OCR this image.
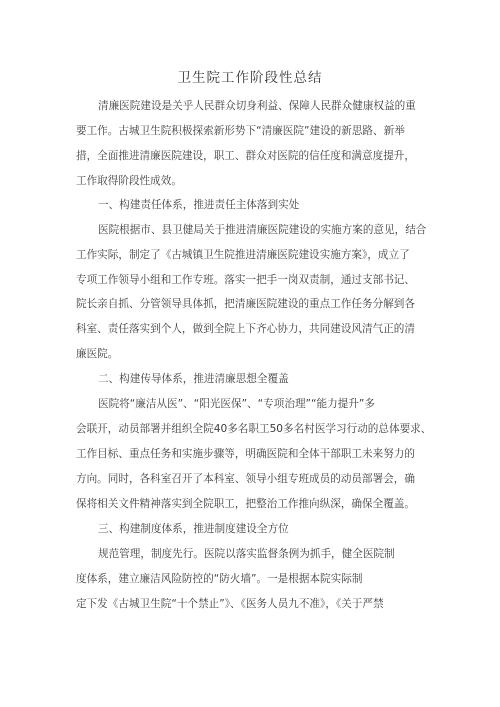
卫生院工作阶段性总结
清廉医院建设是关乎人民群众切身利益、保障人民群众健康权益的重
要工作。古城卫生院积极探索新形势下“清廉医院”建设的新思路、新举
措，全面推进清廉医院建设，职工、群众对医院的信任度和满意度提升，
工作取得阶段性成效。
一、构建责任体系，推进责任主体落到实处
医院根据市、县卫健局关于推进清廉医院建设的实施方案的意见，结合
工作实际，制定了《古城镇卫生院推进清廉医院建设实施方案》，成立了
专项工作领导小组和工作专班。落实一把手一岗双责制，通过支部书记、
院长亲自抓、分管领导具体抓，把清廉医院建设的重点工作任务分解到各
科室、责任落实到个人，做到全院上下齐心协力，共同建设风清气正的清
廉医院。
二、构建传导体系，推进清廉思想全覆盖
医院将“廉洁从医”、“阳光医保”、“专项治理”“能力提升”多
会联开，动员部署并组织全院40多名职工50多名村医学习行动的总体要求、
工作目标、重点任务和实施步骤等，明确医院和全体干部职工未来努力的
方向。同时，各科室召开了本科室、领导小组专班成员的动员部署会，确
保将相关文件精神落实到全院职工，把整治工作推向纵深，确保全覆盖。
三、构建制度体系，推进制度建设全方位
规范管理，制度先行。医院以落实监督条例为抓手，健全医院制
度体系，建立廉洁风险防控的“防火墙”。一是根据本院实际制
定下发《古城卫生院“十个禁止”》、《医务人员九不准》，《关于严禁
